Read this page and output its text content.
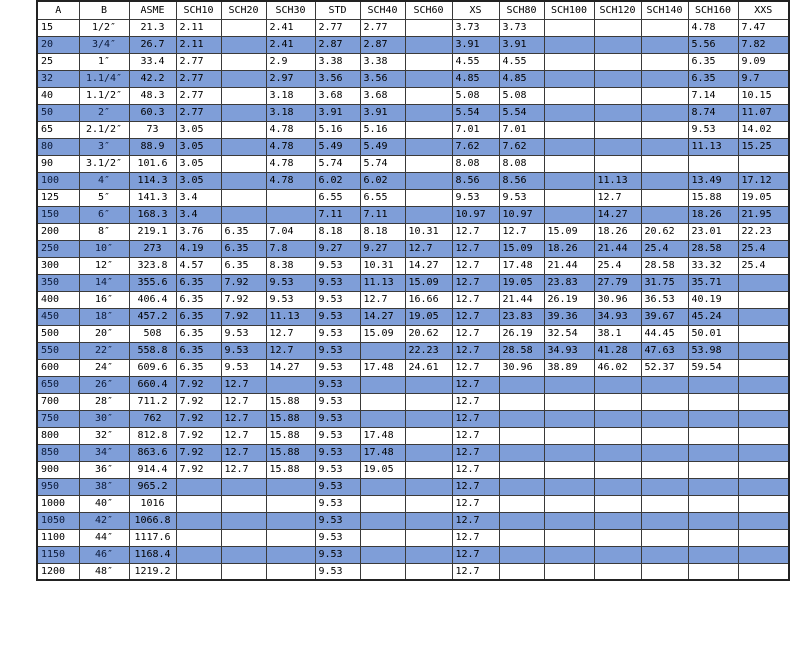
A	B	ASME	SCH10	SCH20	SCH30	STD	SCH40	SCH60	XS	SCH80	SCH100	SCH120	SCH140	SCH160	XXS
15	1/2″	21.3	2.11		2.41	2.77	2.77		3.73	3.73				4.78	7.47
20	3/4″	26.7	2.11		2.41	2.87	2.87		3.91	3.91				5.56	7.82
25	1″	33.4	2.77		2.9	3.38	3.38		4.55	4.55				6.35	9.09
32	1.1/4″	42.2	2.77		2.97	3.56	3.56		4.85	4.85				6.35	9.7
40	1.1/2″	48.3	2.77		3.18	3.68	3.68		5.08	5.08				7.14	10.15
50	2″	60.3	2.77		3.18	3.91	3.91		5.54	5.54				8.74	11.07
65	2.1/2″	73	3.05		4.78	5.16	5.16		7.01	7.01				9.53	14.02
80	3″	88.9	3.05		4.78	5.49	5.49		7.62	7.62				11.13	15.25
90	3.1/2″	101.6	3.05		4.78	5.74	5.74		8.08	8.08					
100	4″	114.3	3.05		4.78	6.02	6.02		8.56	8.56		11.13		13.49	17.12
125	5″	141.3	3.4			6.55	6.55		9.53	9.53		12.7		15.88	19.05
150	6″	168.3	3.4			7.11	7.11		10.97	10.97		14.27		18.26	21.95
200	8″	219.1	3.76	6.35	7.04	8.18	8.18	10.31	12.7	12.7	15.09	18.26	20.62	23.01	22.23
250	10″	273	4.19	6.35	7.8	9.27	9.27	12.7	12.7	15.09	18.26	21.44	25.4	28.58	25.4
300	12″	323.8	4.57	6.35	8.38	9.53	10.31	14.27	12.7	17.48	21.44	25.4	28.58	33.32	25.4
350	14″	355.6	6.35	7.92	9.53	9.53	11.13	15.09	12.7	19.05	23.83	27.79	31.75	35.71	
400	16″	406.4	6.35	7.92	9.53	9.53	12.7	16.66	12.7	21.44	26.19	30.96	36.53	40.19	
450	18″	457.2	6.35	7.92	11.13	9.53	14.27	19.05	12.7	23.83	39.36	34.93	39.67	45.24	
500	20″	508	6.35	9.53	12.7	9.53	15.09	20.62	12.7	26.19	32.54	38.1	44.45	50.01	
550	22″	558.8	6.35	9.53	12.7	9.53		22.23	12.7	28.58	34.93	41.28	47.63	53.98	
600	24″	609.6	6.35	9.53	14.27	9.53	17.48	24.61	12.7	30.96	38.89	46.02	52.37	59.54	
650	26″	660.4	7.92	12.7		9.53			12.7						
700	28″	711.2	7.92	12.7	15.88	9.53			12.7						
750	30″	762	7.92	12.7	15.88	9.53			12.7						
800	32″	812.8	7.92	12.7	15.88	9.53	17.48		12.7						
850	34″	863.6	7.92	12.7	15.88	9.53	17.48		12.7						
900	36″	914.4	7.92	12.7	15.88	9.53	19.05		12.7						
950	38″	965.2				9.53			12.7						
1000	40″	1016				9.53			12.7						
1050	42″	1066.8				9.53			12.7						
1100	44″	1117.6				9.53			12.7						
1150	46″	1168.4				9.53			12.7						
1200	48″	1219.2				9.53			12.7						
